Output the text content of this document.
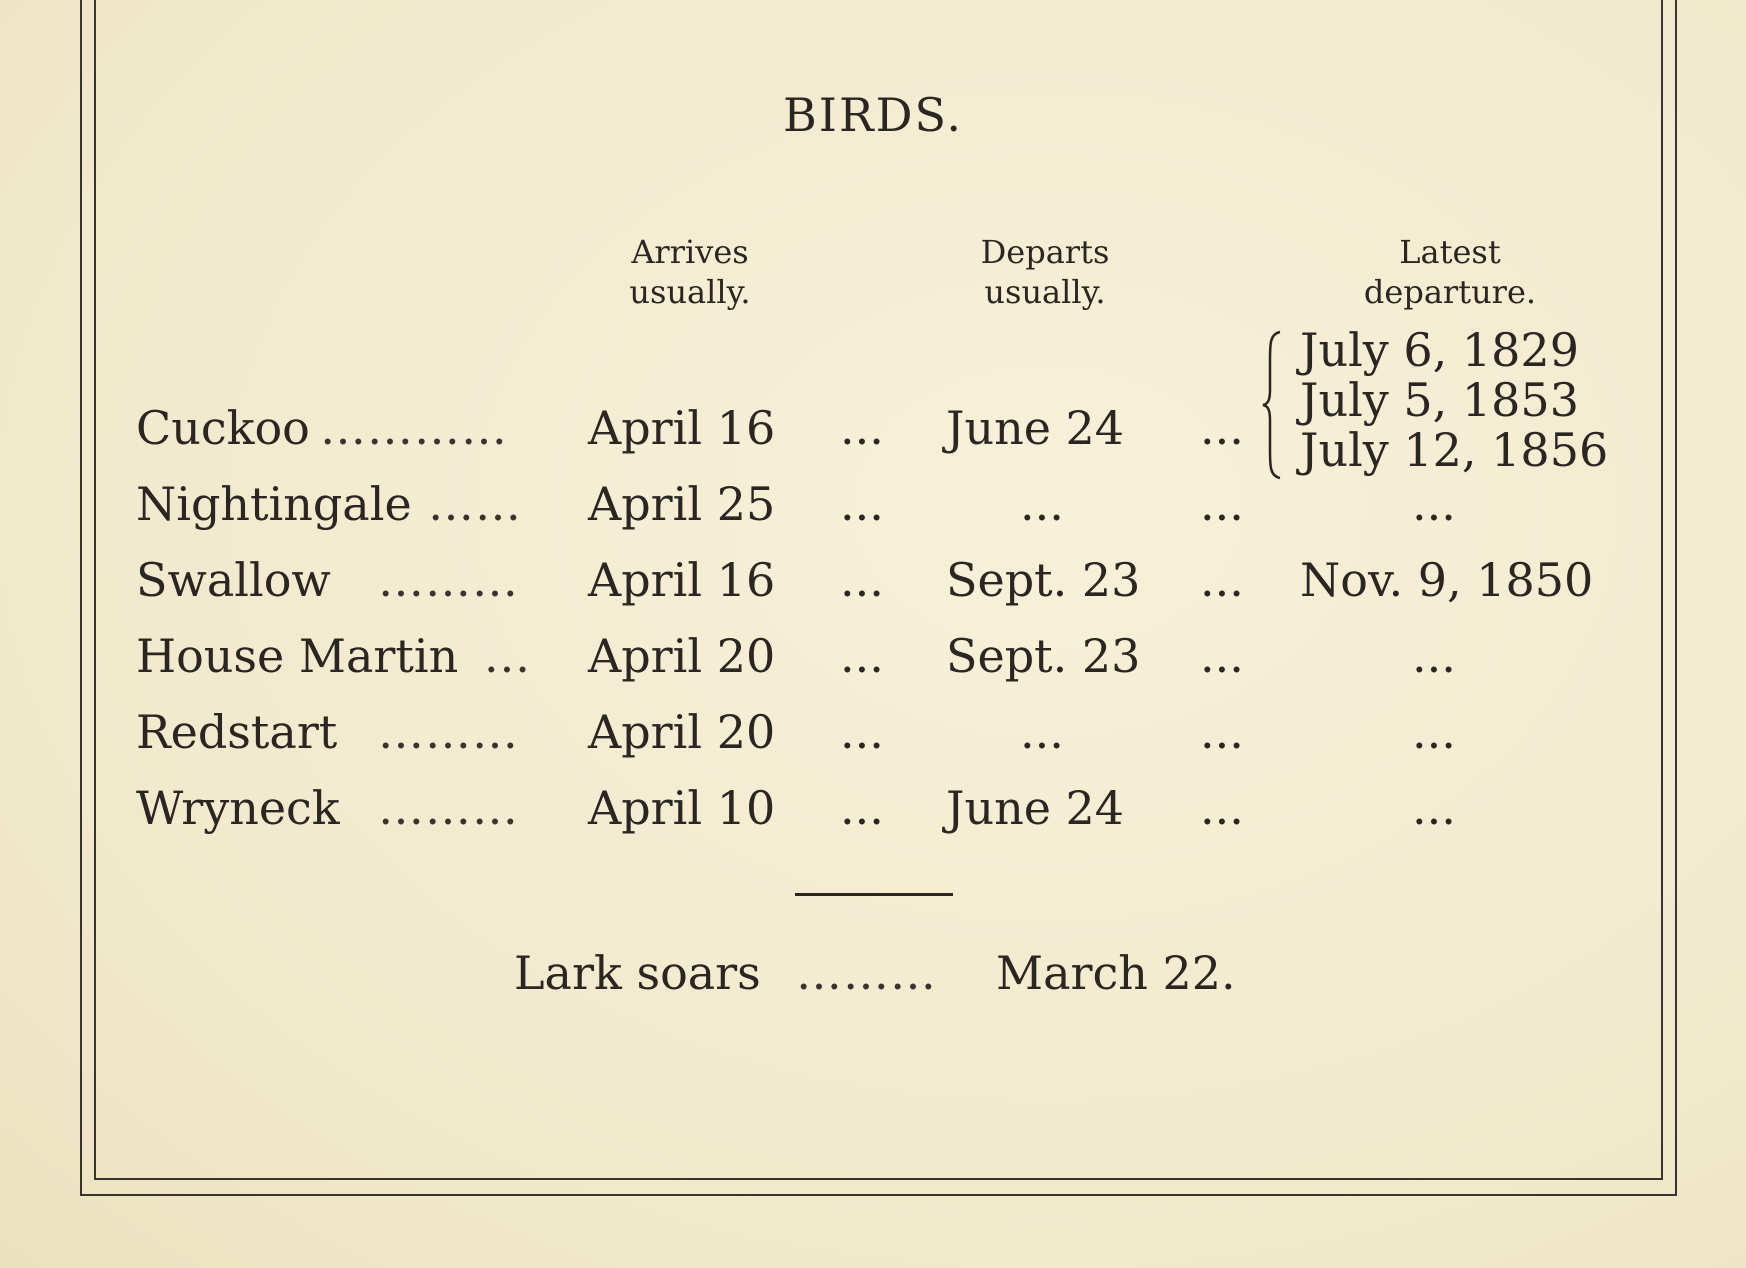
BIRDS.
Arrives
usually.
Departs
usually.
Latest
departure.
Cuckoo ………… April 16 ... June 24 ...
July 6, 1829
July 5, 1853
July 12, 1856
Nightingale …… April 25 ...	...	...	...
Swallow ……… April 16 ... Sept. 23 ... Nov. 9, 1850
House Martin ... April 20 ... Sept. 23 ...	...
Redstart ……… April 20 ...	...	...	...
Wryneck ……… April 10 ... June 24 ...	...
Lark soars ……… March 22.
